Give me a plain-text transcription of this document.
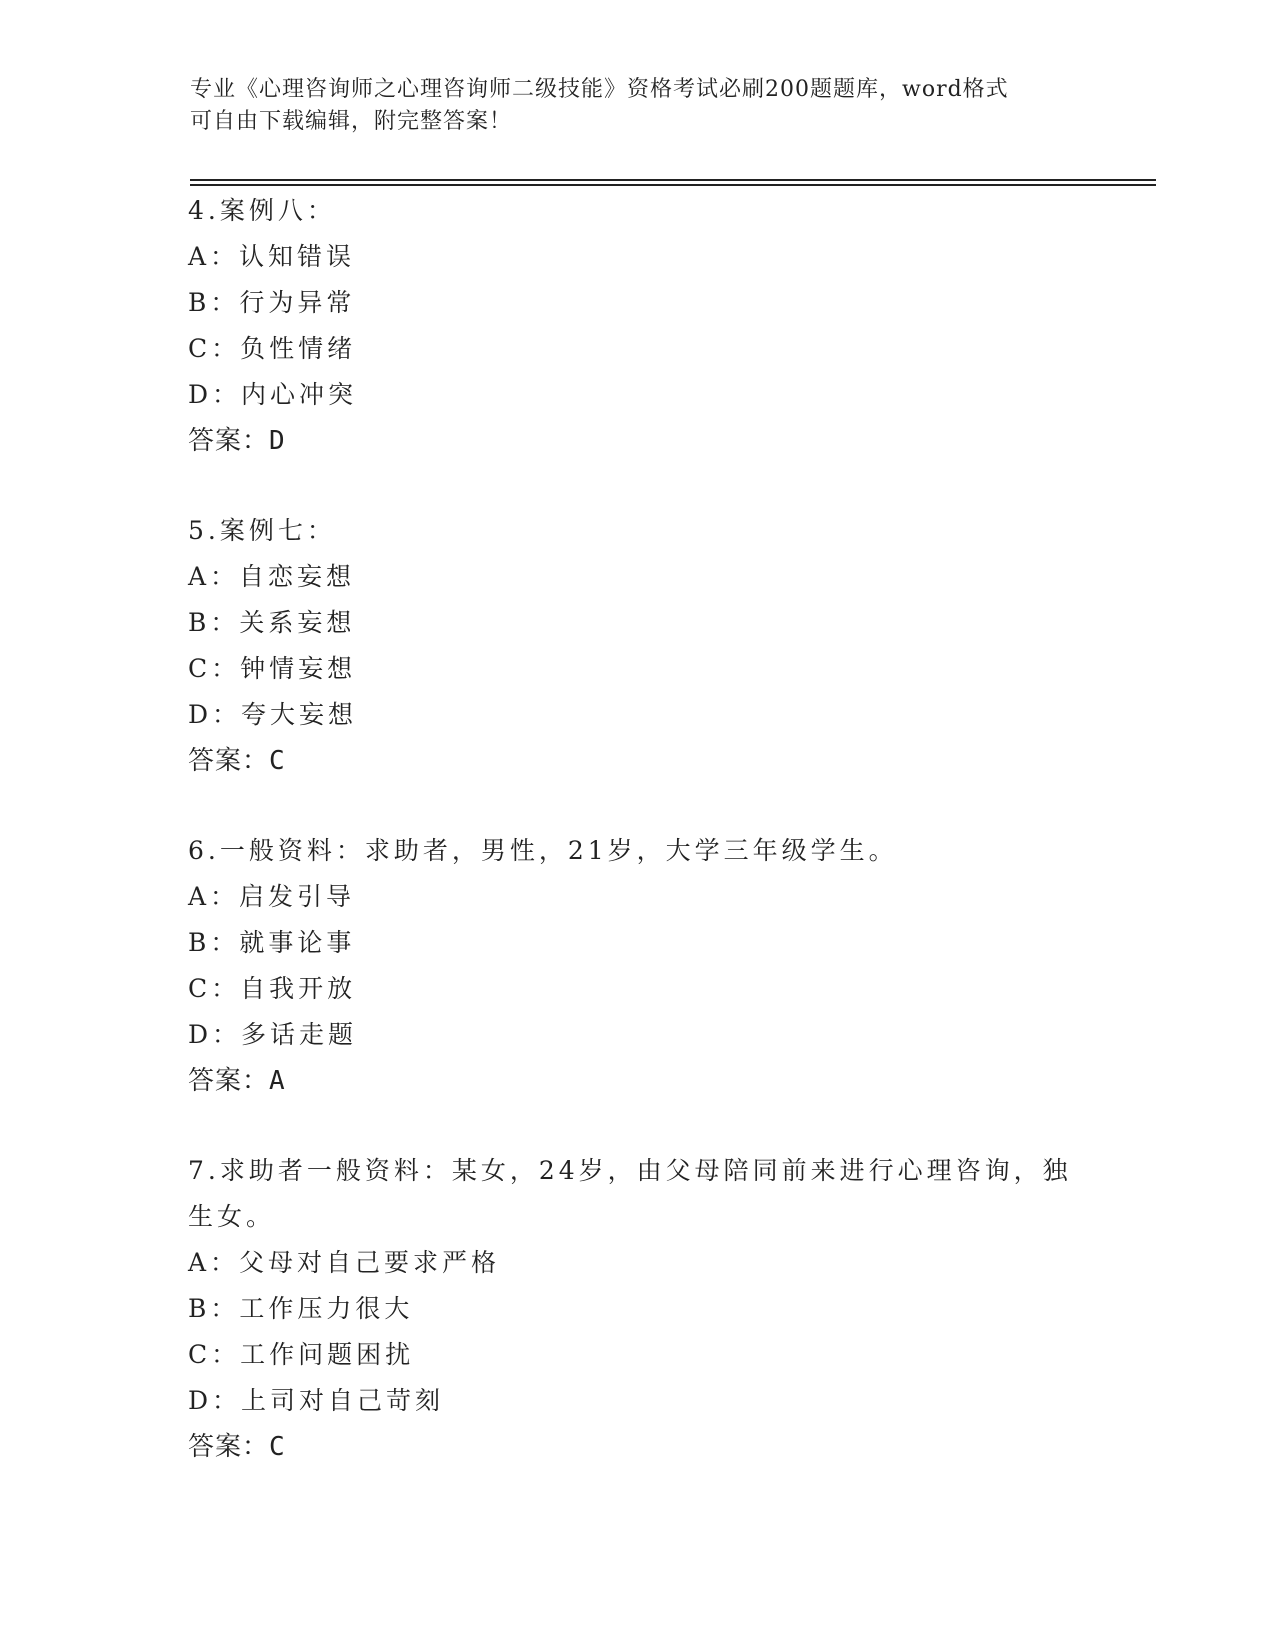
专业《心理咨询师之心理咨询师二级技能》资格考试必刷200题题库，word格式
可自由下载编辑，附完整答案！
4.案例八：
A：认知错误
B：行为异常
C：负性情绪
D：内心冲突
答案：D
5.案例七：
A：自恋妄想
B：关系妄想
C：钟情妄想
D：夸大妄想
答案：C
6.一般资料：求助者，男性，21岁，大学三年级学生。
A：启发引导
B：就事论事
C：自我开放
D：多话走题
答案：A
7.求助者一般资料：某女，24岁，由父母陪同前来进行心理咨询，独
生女。
A：父母对自己要求严格
B：工作压力很大
C：工作问题困扰
D：上司对自己苛刻
答案：C
